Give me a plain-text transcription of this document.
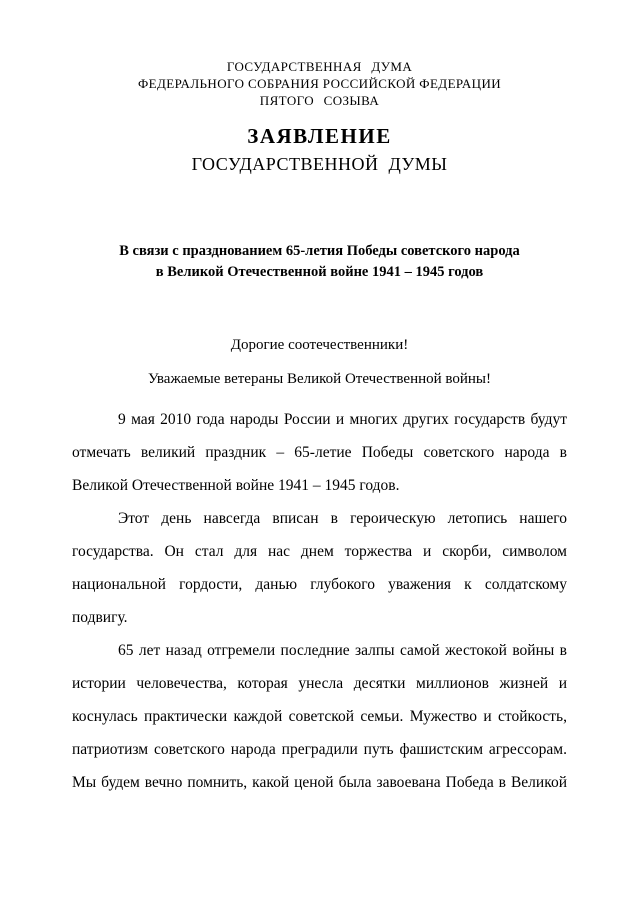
ГОСУДАРСТВЕННАЯ ДУМА
ФЕДЕРАЛЬНОГО СОБРАНИЯ РОССИЙСКОЙ ФЕДЕРАЦИИ
ПЯТОГО СОЗЫВА
ЗАЯВЛЕНИЕ
ГОСУДАРСТВЕННОЙ ДУМЫ
В связи с празднованием 65-летия Победы советского народа
в Великой Отечественной войне 1941 – 1945 годов
Дорогие соотечественники!
Уважаемые ветераны Великой Отечественной войны!

9 мая 2010 года народы России и многих других государств будут отмечать великий праздник – 65-летие Победы советского народа в Великой Отечественной войне 1941 – 1945 годов.

Этот день навсегда вписан в героическую летопись нашего государства. Он стал для нас днем торжества и скорби, символом национальной гордости, данью глубокого уважения к солдатскому подвигу.

65 лет назад отгремели последние залпы самой жестокой войны в истории человечества, которая унесла десятки миллионов жизней и коснулась практически каждой советской семьи. Мужество и стойкость, патриотизм советского народа преградили путь фашистским агрессорам. Мы будем вечно помнить, какой ценой была завоевана Победа в Великой
